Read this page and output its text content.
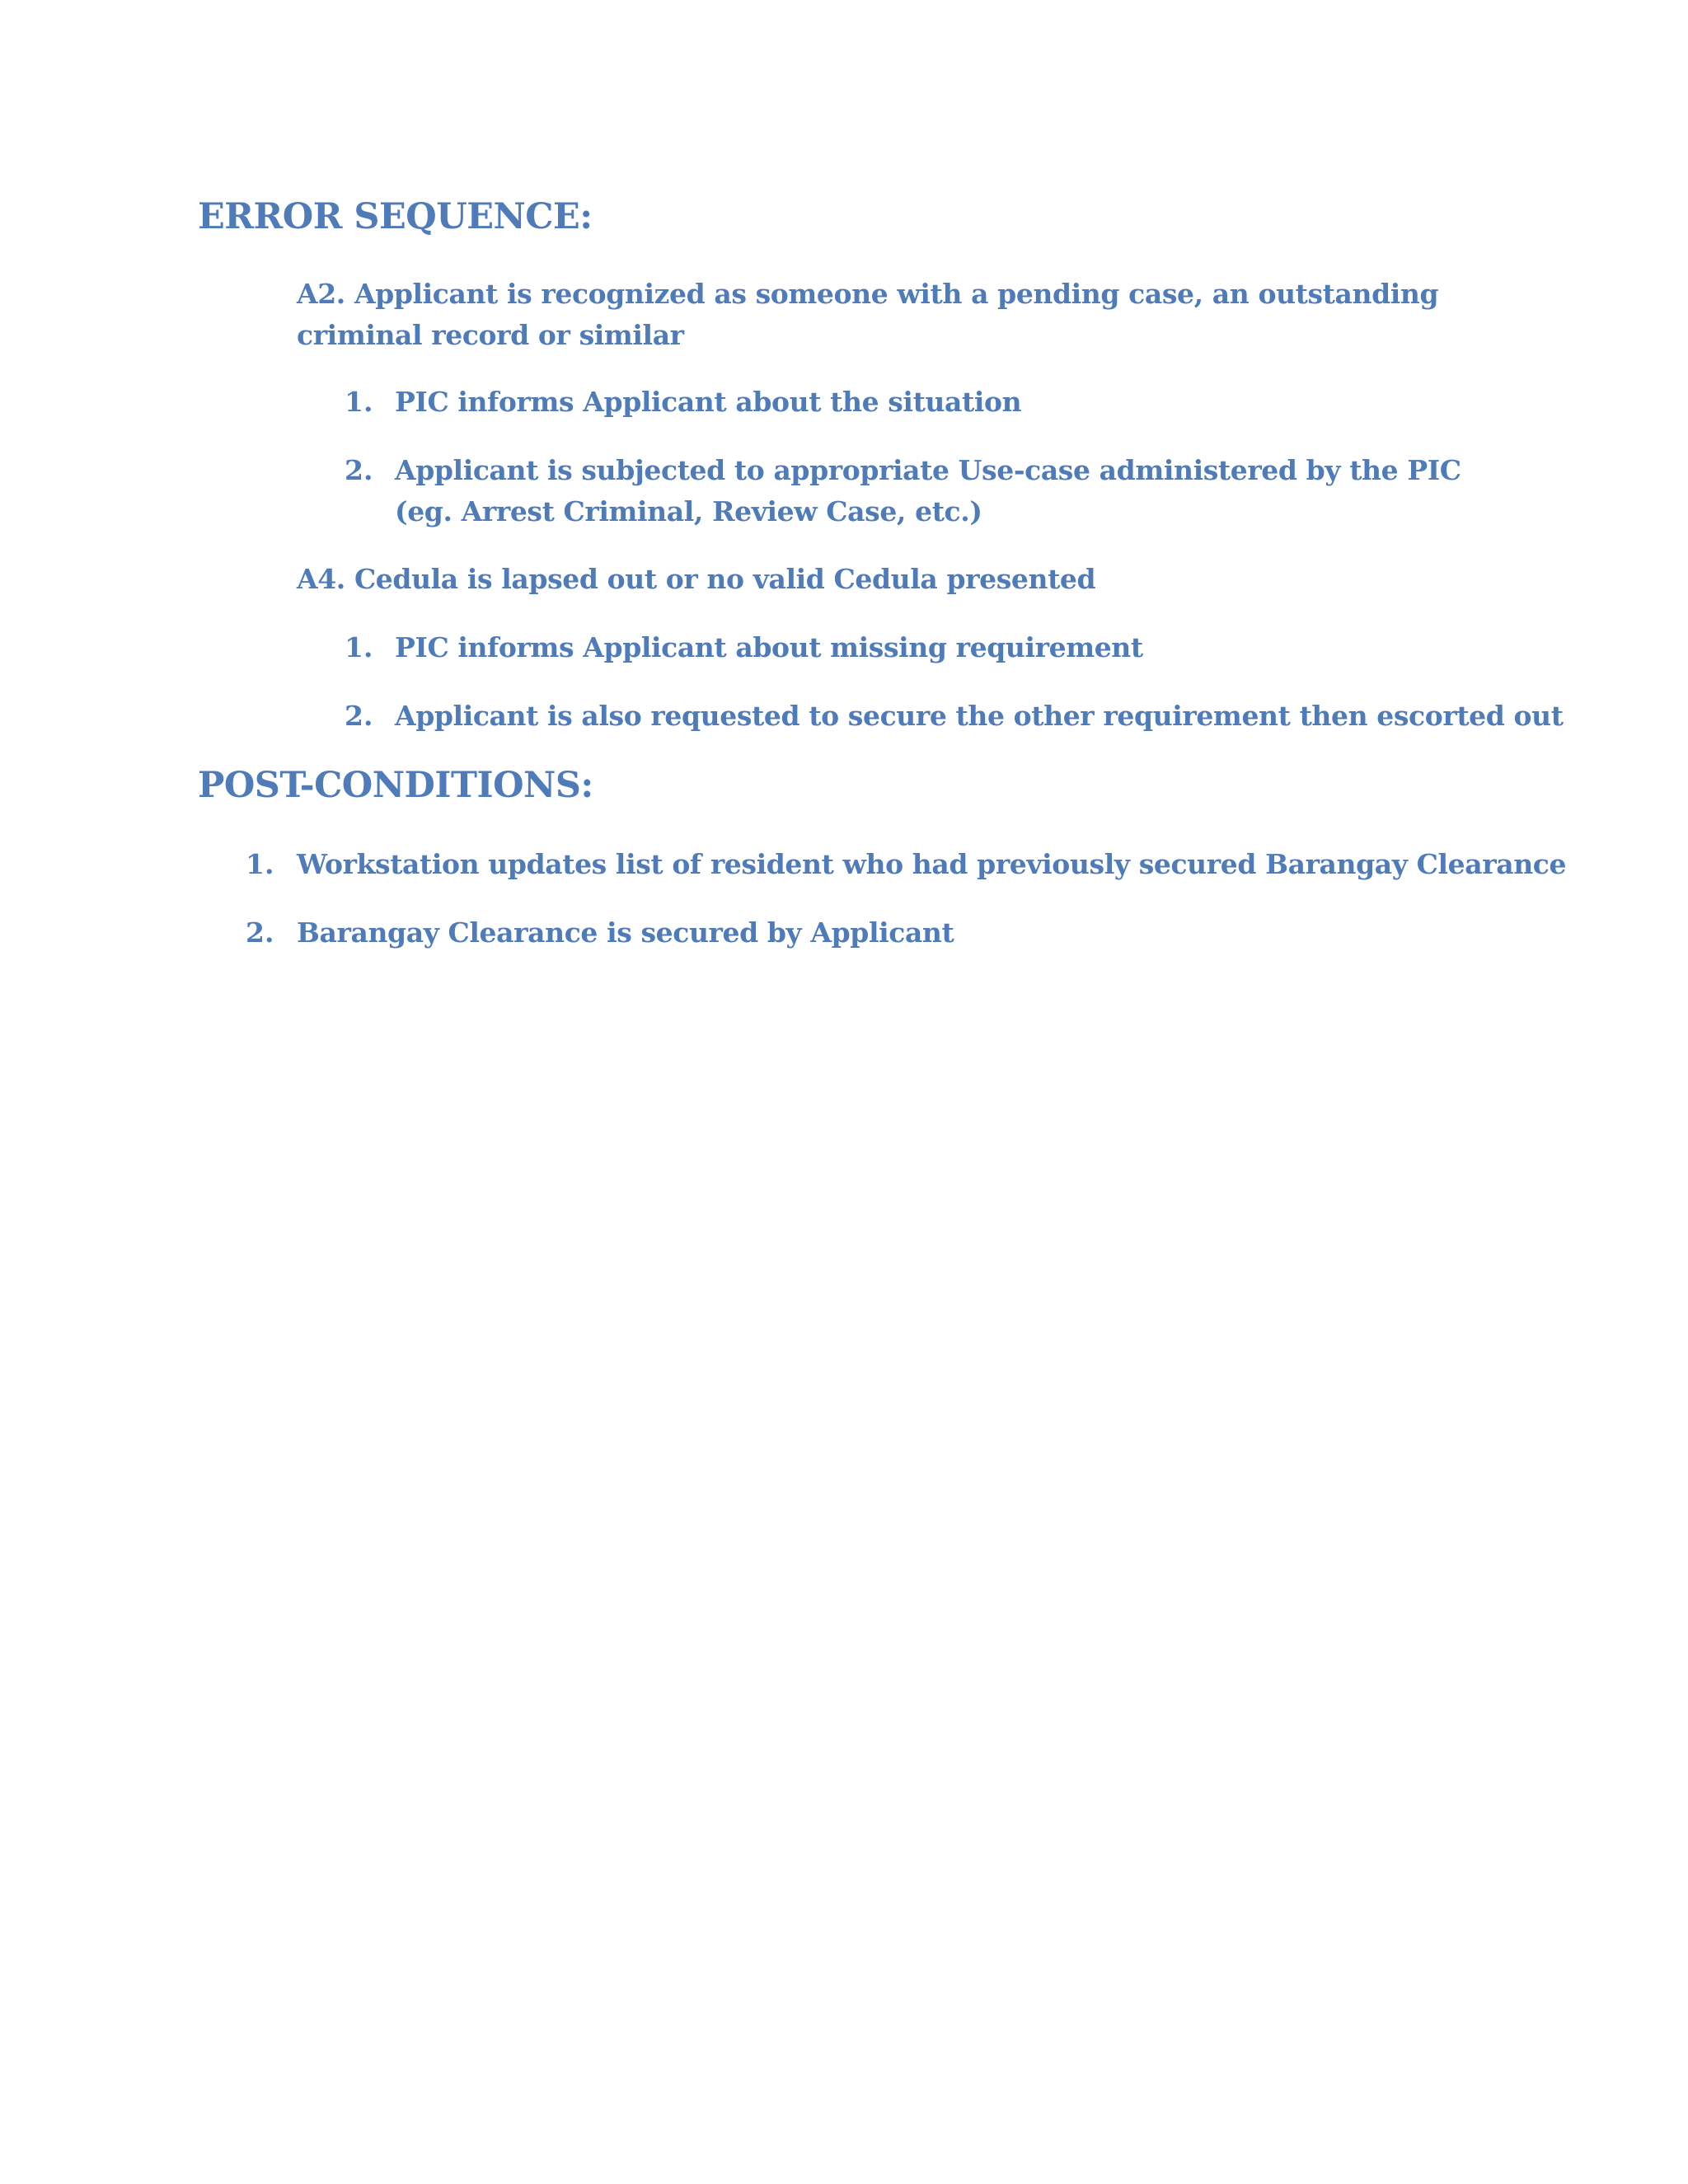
ERROR SEQUENCE:

A2. Applicant is recognized as someone with a pending case, an outstanding criminal record or similar

1. PIC informs Applicant about the situation

2. Applicant is subjected to appropriate Use-case administered by the PIC (eg. Arrest Criminal, Review Case, etc.)

A4. Cedula is lapsed out or no valid Cedula presented

1. PIC informs Applicant about missing requirement

2. Applicant is also requested to secure the other requirement then escorted out

POST-CONDITIONS:
1. Workstation updates list of resident who had previously secured Barangay Clearance

2. Barangay Clearance is secured by Applicant
